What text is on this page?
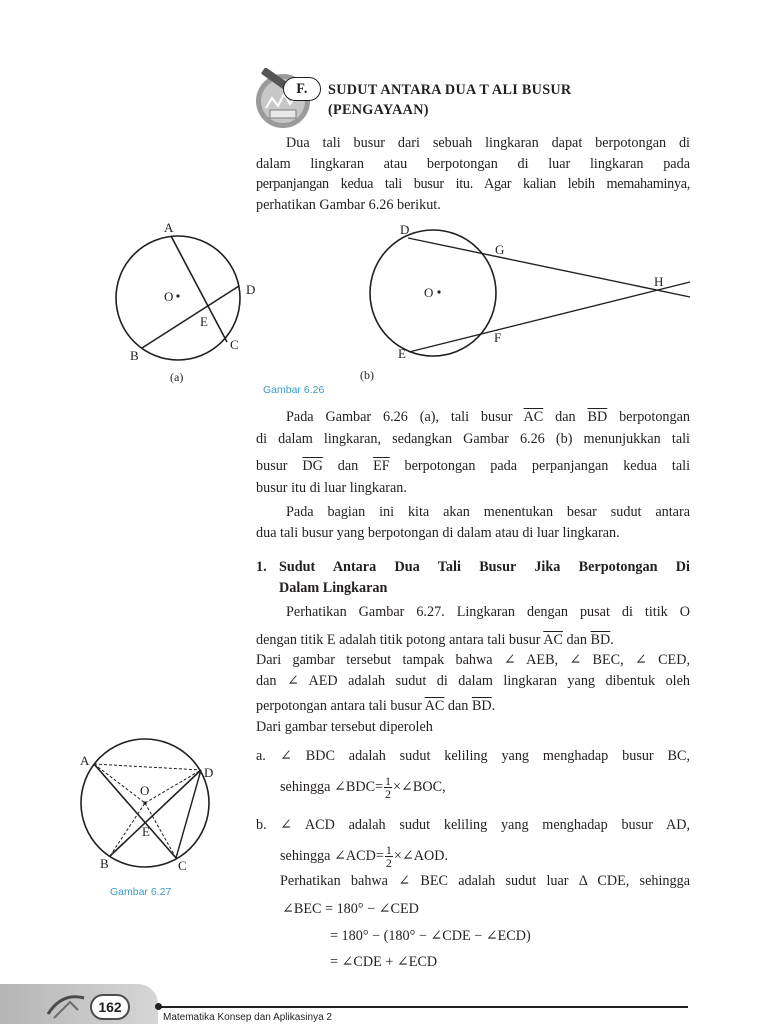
F.	SUDUT ANTARA DUA T ALI BUSUR
(PENGAYAAN)
Dua tali busur dari sebuah lingkaran dapat berpotongan di
dalam lingkaran atau berpotongan di luar lingkaran pada
perpanjangan kedua tali busur itu. Agar kalian lebih memahaminya,
perhatikan Gambar 6.26 berikut.
A
O	D
E
C
B
(a)
D
G
O
H
F
E
(b)
Gambar 6.26
Pada Gambar 6.26 (a), tali busur $\overline{AC}$ dan $\overline{BD}$ berpotongan
di dalam lingkaran, sedangkan Gambar 6.26 (b) menunjukkan tali
busur $\overline{DG}$ dan $\overline{EF}$ berpotongan pada perpanjangan kedua tali
busur itu di luar lingkaran.
Pada bagian ini kita akan menentukan besar sudut antara
dua tali busur yang berpotongan di dalam atau di luar lingkaran.
1. Sudut Antara Dua Tali Busur Jika Berpotongan Di
Dalam Lingkaran
Perhatikan Gambar 6.27. Lingkaran dengan pusat di titik O
dengan titik E adalah titik potong antara tali busur $\overline{AC}$ dan $\overline{BD}$.
Dari gambar tersebut tampak bahwa ∠ AEB, ∠ BEC, ∠ CED,
dan ∠ AED adalah sudut di dalam lingkaran yang dibentuk oleh
perpotongan antara tali busur $\overline{AC}$ dan $\overline{BD}$.
Dari gambar tersebut diperoleh
a. ∠ BDC adalah sudut keliling yang menghadap busur BC,
sehingga ∠BDC= $\frac{1}{2}$ ×∠BOC,
b. ∠ ACD adalah sudut keliling yang menghadap busur AD,
sehingga ∠ACD= $\frac{1}{2}$ ×∠AOD.
Perhatikan bahwa ∠ BEC adalah sudut luar Δ CDE, sehingga
∠BEC = 180° − ∠CED
= 180° − (180° − ∠CDE − ∠ECD)
= ∠CDE + ∠ECD
A
D
O
E
B	C
Gambar 6.27
162
Matematika Konsep dan Aplikasinya 2
